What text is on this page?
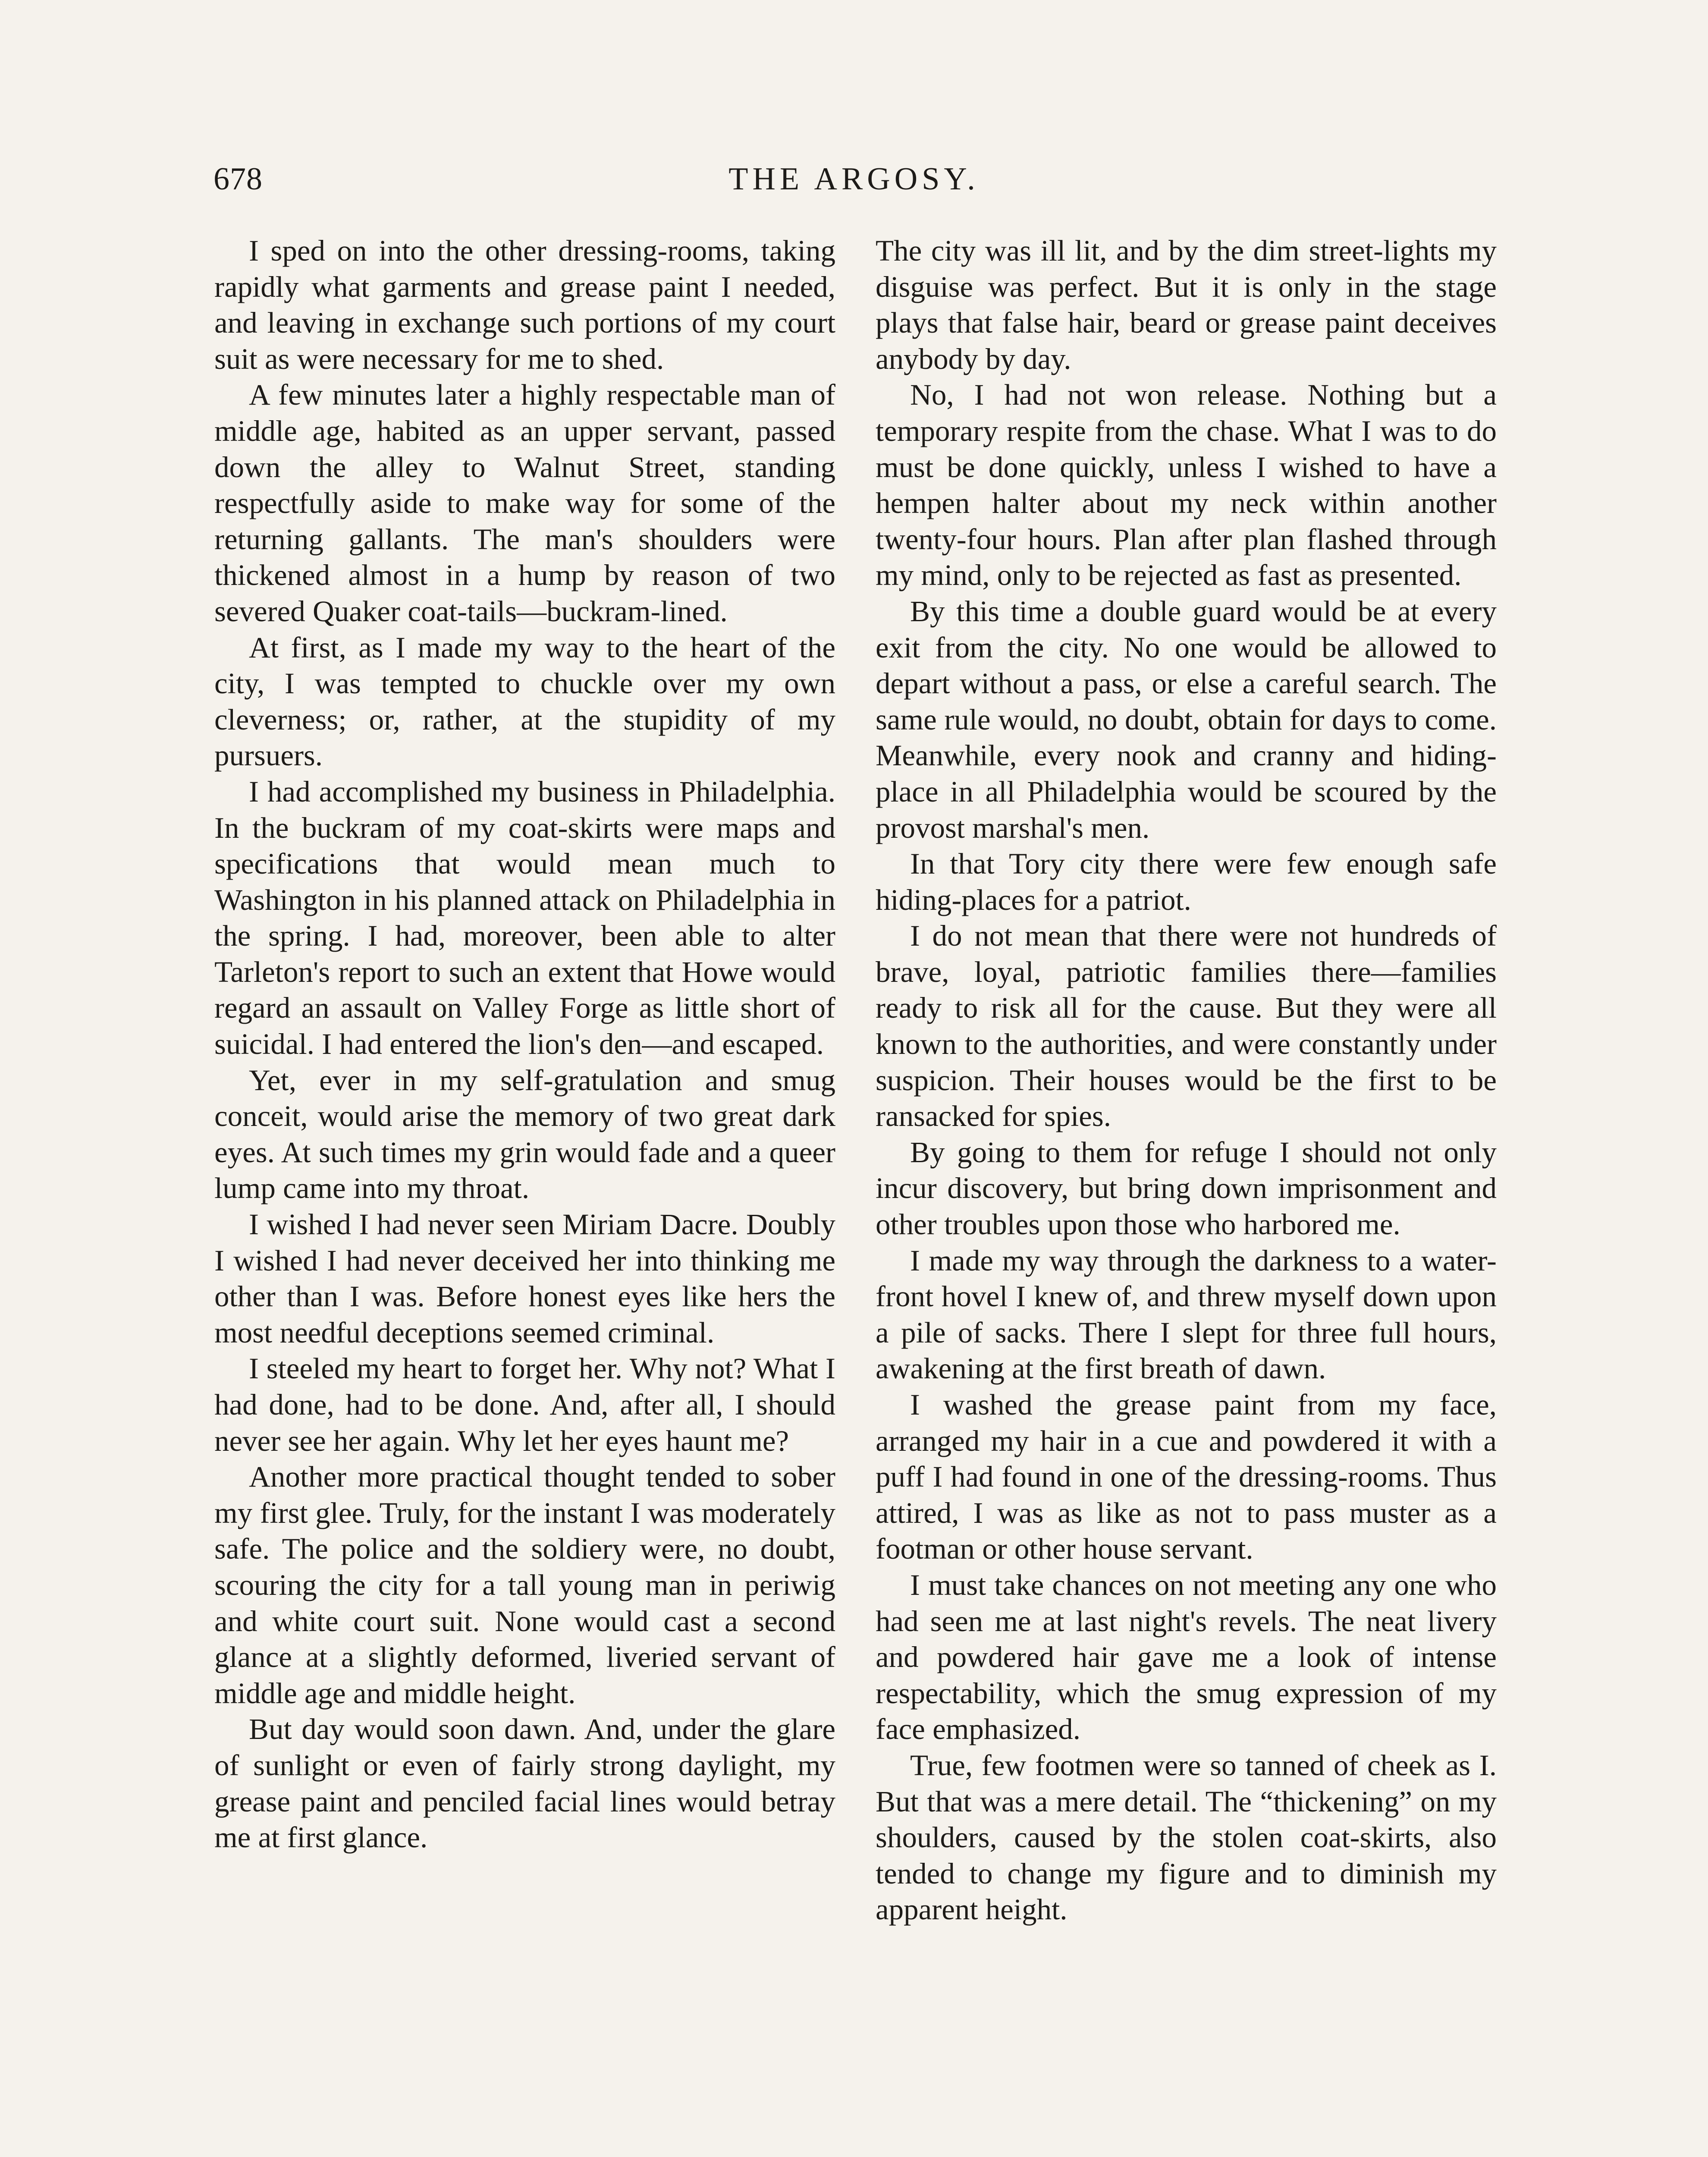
678	THE ARGOSY.

I sped on into the other dressing-rooms, taking rapidly what garments and grease paint I needed, and leaving in exchange such portions of my court suit as were necessary for me to shed.

A few minutes later a highly respectable man of middle age, habited as an upper servant, passed down the alley to Walnut Street, standing respectfully aside to make way for some of the returning gallants. The man's shoulders were thickened almost in a hump by reason of two severed Quaker coat-tails—buckram-lined.

At first, as I made my way to the heart of the city, I was tempted to chuckle over my own cleverness; or, rather, at the stupidity of my pursuers.

I had accomplished my business in Philadelphia. In the buckram of my coat-skirts were maps and specifications that would mean much to Washington in his planned attack on Philadelphia in the spring. I had, moreover, been able to alter Tarleton's report to such an extent that Howe would regard an assault on Valley Forge as little short of suicidal. I had entered the lion's den—and escaped.

Yet, ever in my self-gratulation and smug conceit, would arise the memory of two great dark eyes. At such times my grin would fade and a queer lump came into my throat.

I wished I had never seen Miriam Dacre. Doubly I wished I had never deceived her into thinking me other than I was. Before honest eyes like hers the most needful deceptions seemed criminal.

I steeled my heart to forget her. Why not? What I had done, had to be done. And, after all, I should never see her again. Why let her eyes haunt me?

Another more practical thought tended to sober my first glee. Truly, for the instant I was moderately safe. The police and the soldiery were, no doubt, scouring the city for a tall young man in periwig and white court suit. None would cast a second glance at a slightly deformed, liveried servant of middle age and middle height.

But day would soon dawn. And, under the glare of sunlight or even of fairly strong daylight, my grease paint and penciled facial lines would betray me at first glance.

The city was ill lit, and by the dim street-lights my disguise was perfect. But it is only in the stage plays that false hair, beard or grease paint deceives anybody by day.

No, I had not won release. Nothing but a temporary respite from the chase. What I was to do must be done quickly, unless I wished to have a hempen halter about my neck within another twenty-four hours. Plan after plan flashed through my mind, only to be rejected as fast as presented.

By this time a double guard would be at every exit from the city. No one would be allowed to depart without a pass, or else a careful search. The same rule would, no doubt, obtain for days to come. Meanwhile, every nook and cranny and hiding-place in all Philadelphia would be scoured by the provost marshal's men.

In that Tory city there were few enough safe hiding-places for a patriot.

I do not mean that there were not hundreds of brave, loyal, patriotic families there—families ready to risk all for the cause. But they were all known to the authorities, and were constantly under suspicion. Their houses would be the first to be ransacked for spies.

By going to them for refuge I should not only incur discovery, but bring down imprisonment and other troubles upon those who harbored me.

I made my way through the darkness to a water-front hovel I knew of, and threw myself down upon a pile of sacks. There I slept for three full hours, awakening at the first breath of dawn.

I washed the grease paint from my face, arranged my hair in a cue and powdered it with a puff I had found in one of the dressing-rooms. Thus attired, I was as like as not to pass muster as a footman or other house servant.

I must take chances on not meeting any one who had seen me at last night's revels. The neat livery and powdered hair gave me a look of intense respectability, which the smug expression of my face emphasized.

True, few footmen were so tanned of cheek as I. But that was a mere detail. The “thickening” on my shoulders, caused by the stolen coat-skirts, also tended to change my figure and to diminish my apparent height.
